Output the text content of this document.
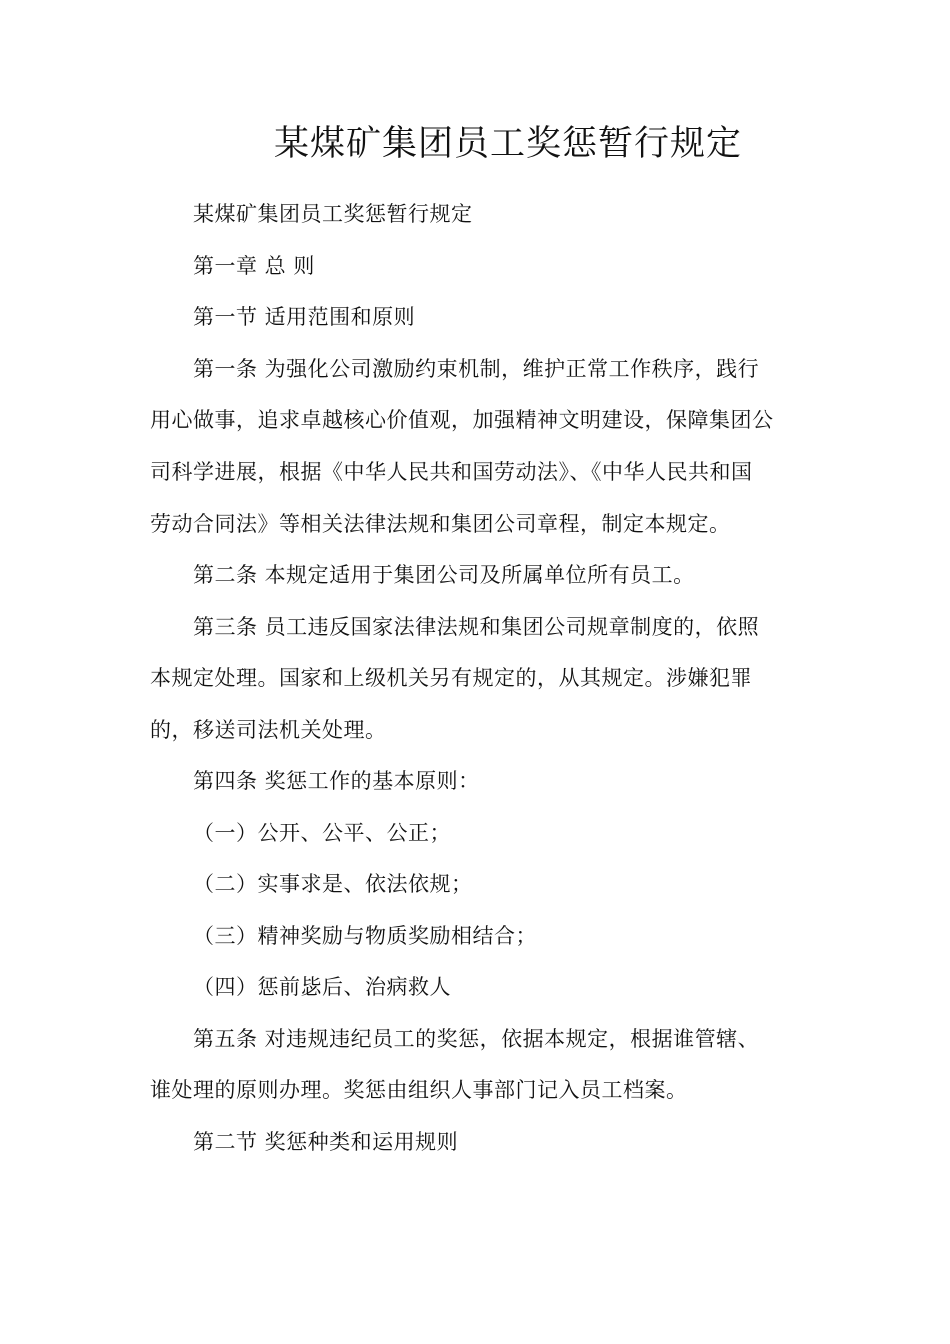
某煤矿集团员工奖惩暂行规定

某煤矿集团员工奖惩暂行规定

第一章 总 则

第一节 适用范围和原则

第一条 为强化公司激励约束机制，维护正常工作秩序，践行

用心做事，追求卓越核心价值观，加强精神文明建设，保障集团公

司科学进展，根据《中华人民共和国劳动法》、《中华人民共和国

劳动合同法》等相关法律法规和集团公司章程，制定本规定。

第二条 本规定适用于集团公司及所属单位所有员工。

第三条 员工违反国家法律法规和集团公司规章制度的，依照

本规定处理。国家和上级机关另有规定的，从其规定。涉嫌犯罪

的，移送司法机关处理。

第四条 奖惩工作的基本原则：

（一）公开、公平、公正；

（二）实事求是、依法依规；

（三）精神奖励与物质奖励相结合；

（四）惩前毖后、治病救人

第五条 对违规违纪员工的奖惩，依据本规定，根据谁管辖、

谁处理的原则办理。奖惩由组织人事部门记入员工档案。

第二节 奖惩种类和运用规则
